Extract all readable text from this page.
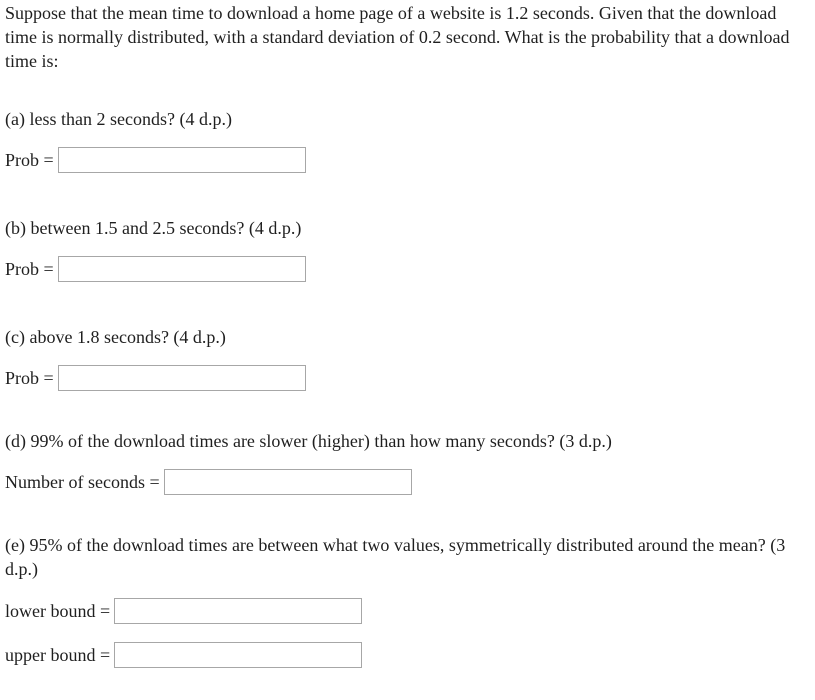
Suppose that the mean time to download a home page of a website is 1.2 seconds. Given that the download time is normally distributed, with a standard deviation of 0.2 second. What is the probability that a download time is:

(a) less than 2 seconds? (4 d.p.)

Prob =

(b) between 1.5 and 2.5 seconds? (4 d.p.)

Prob =

(c) above 1.8 seconds? (4 d.p.)

Prob =

(d) 99% of the download times are slower (higher) than how many seconds? (3 d.p.)

Number of seconds =

(e) 95% of the download times are between what two values, symmetrically distributed around the mean? (3 d.p.)

lower bound =
upper bound =
